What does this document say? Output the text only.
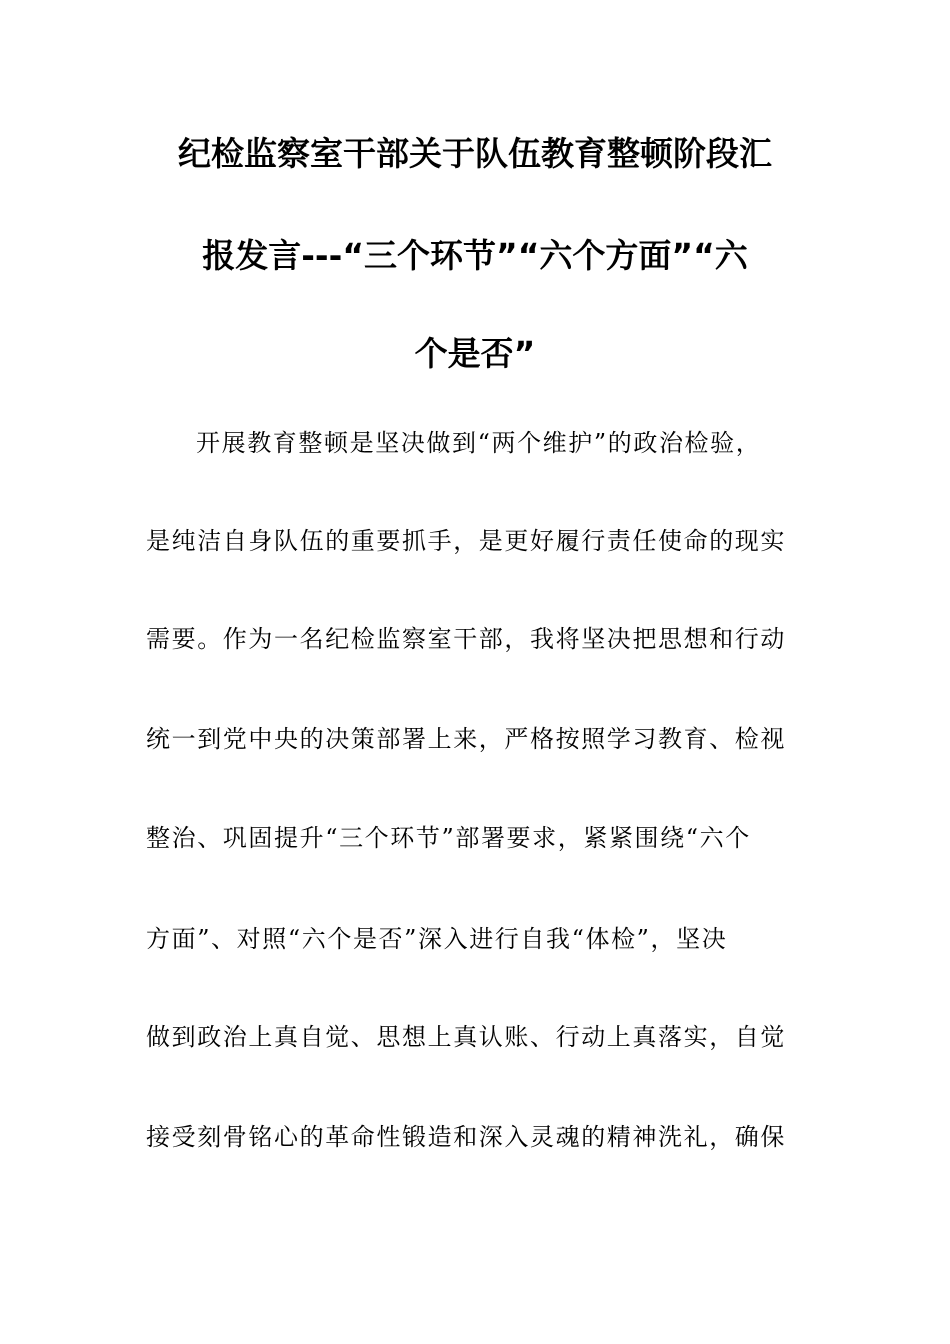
纪检监察室干部关于队伍教育整顿阶段汇
报发言---“三个环节”“六个方面”“六
个是否”
开展教育整顿是坚决做到“两个维护”的政治检验，
是纯洁自身队伍的重要抓手，是更好履行责任使命的现实
需要。作为一名纪检监察室干部，我将坚决把思想和行动
统一到党中央的决策部署上来，严格按照学习教育、检视
整治、巩固提升“三个环节”部署要求，紧紧围绕“六个
方面”、对照“六个是否”深入进行自我“体检”，坚决
做到政治上真自觉、思想上真认账、行动上真落实，自觉
接受刻骨铭心的革命性锻造和深入灵魂的精神洗礼，确保
